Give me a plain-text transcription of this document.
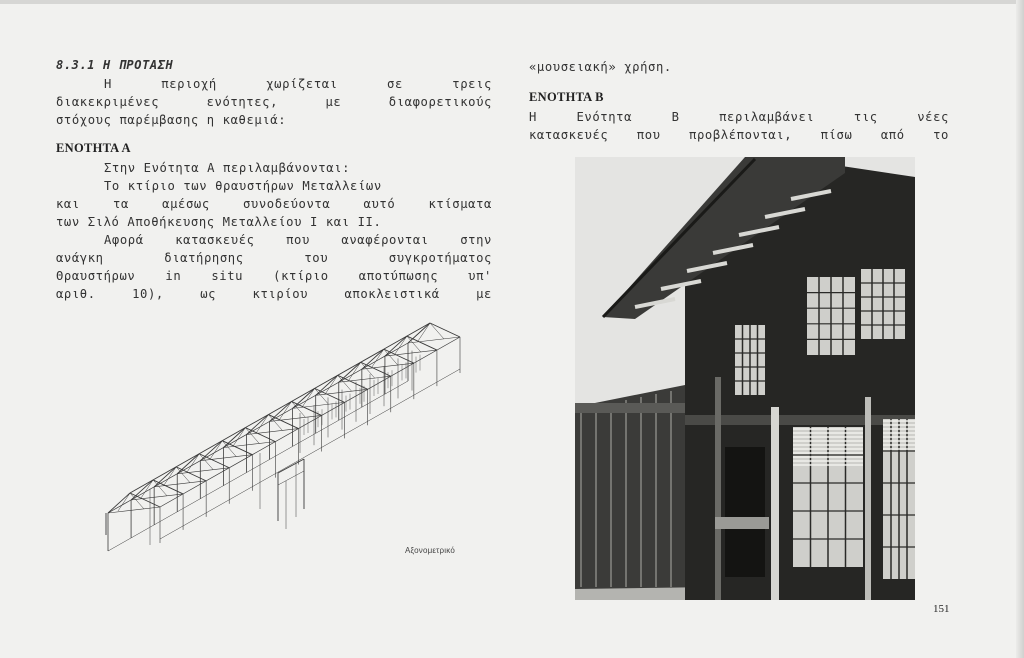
8.3.1 Η ΠΡΟΤΑΣΗ

Η περιοχή χωρίζεται σε τρεις

διακεκριμένες ενότητες, με διαφορετικούς

στόχους παρέμβασης η καθεμιά:

ΕΝΟΤΗΤΑ Α

Στην Ενότητα Α περιλαμβάνονται:

Το κτίριο των θραυστήρων Μεταλλείων

και τα αμέσως συνοδεύοντα αυτό κτίσματα

των Σιλό Αποθήκευσης Μεταλλείου Ι και ΙΙ.

Αφορά κατασκευές που αναφέρονται στην

ανάγκη διατήρησης του συγκροτήματος

Θραυστήρων in situ (κτίριο αποτύπωσης υπ'

αριθ. 10), ως κτιρίου αποκλειστικά με

«μουσειακή» χρήση.

ΕΝΟΤΗΤΑ Β

Η Ενότητα Β περιλαμβάνει τις νέες

κατασκευές που προβλέπονται, πίσω από το

Αξονομετρικό
151
